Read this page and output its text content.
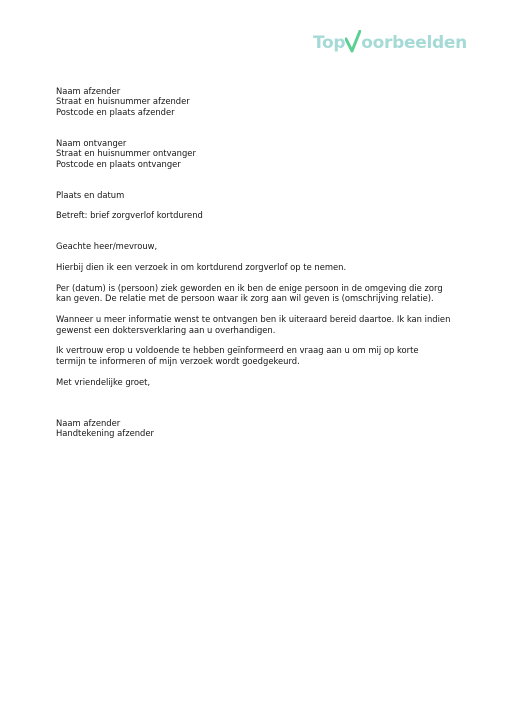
Top oorbeelden
Naam afzender
Straat en huisnummer afzender
Postcode en plaats afzender
Naam ontvanger
Straat en huisnummer ontvanger
Postcode en plaats ontvanger
Plaats en datum
Betreft: brief zorgverlof kortdurend
Geachte heer/mevrouw,
Hierbij dien ik een verzoek in om kortdurend zorgverlof op te nemen.
Per (datum) is (persoon) ziek geworden en ik ben de enige persoon in de omgeving die zorg
kan geven. De relatie met de persoon waar ik zorg aan wil geven is (omschrijving relatie).
Wanneer u meer informatie wenst te ontvangen ben ik uiteraard bereid daartoe. Ik kan indien
gewenst een doktersverklaring aan u overhandigen.
Ik vertrouw erop u voldoende te hebben geïnformeerd en vraag aan u om mij op korte
termijn te informeren of mijn verzoek wordt goedgekeurd.
Met vriendelijke groet,
Naam afzender
Handtekening afzender
